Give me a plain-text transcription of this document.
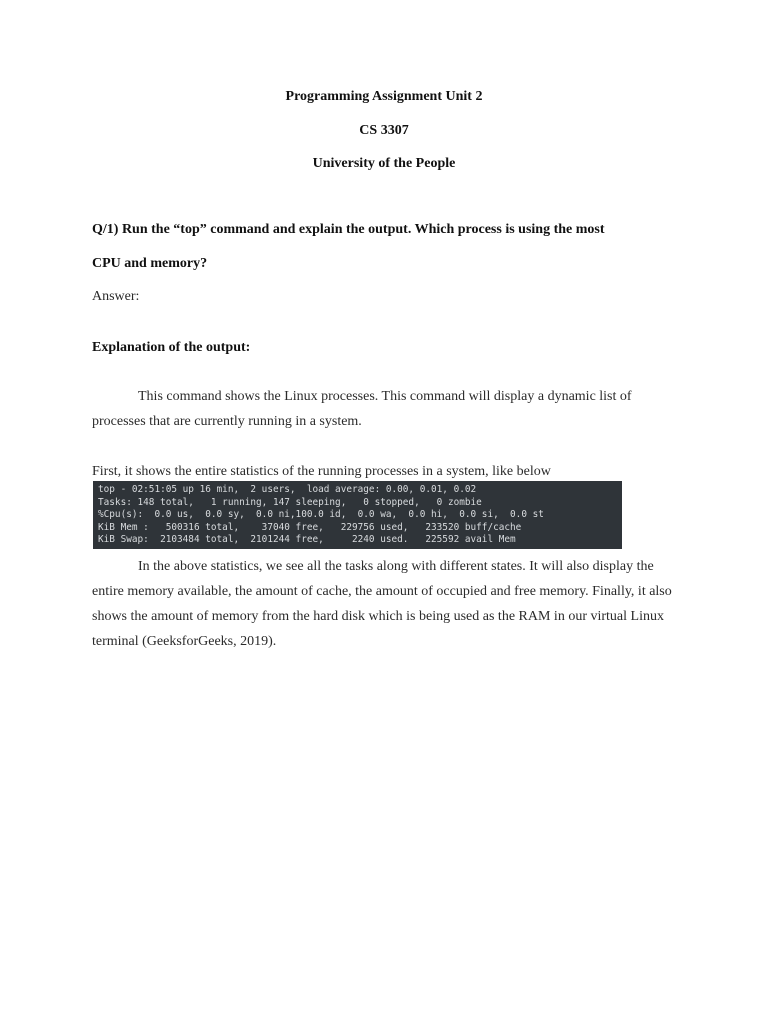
Programming Assignment Unit 2
CS 3307
University of the People
Q/1) Run the “top” command and explain the output. Which process is using the most
CPU and memory?
Answer:
Explanation of the output:
This command shows the Linux processes. This command will display a dynamic list of processes that are currently running in a system.
First, it shows the entire statistics of the running processes in a system, like below
top - 02:51:05 up 16 min,  2 users,  load average: 0.00, 0.01, 0.02
Tasks: 148 total,   1 running, 147 sleeping,   0 stopped,   0 zombie
%Cpu(s):  0.0 us,  0.0 sy,  0.0 ni,100.0 id,  0.0 wa,  0.0 hi,  0.0 si,  0.0 st
KiB Mem :   500316 total,    37040 free,   229756 used,   233520 buff/cache
KiB Swap:  2103484 total,  2101244 free,     2240 used.   225592 avail Mem
In the above statistics, we see all the tasks along with different states. It will also display the entire memory available, the amount of cache, the amount of occupied and free memory. Finally, it also shows the amount of memory from the hard disk which is being used as the RAM in our virtual Linux terminal (GeeksforGeeks, 2019).
